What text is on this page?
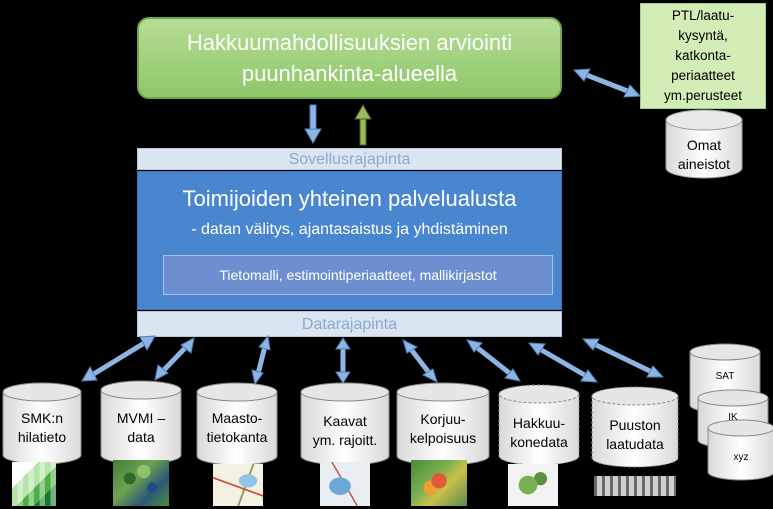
Hakkuumahdollisuuksien arviointi
puunhankinta-alueella
PTL/laatu-
kysyntä,
katkonta-
periaatteet
ym.perusteet
Sovellusrajapinta
Toimijoiden yhteinen palvelualusta
- datan välitys, ajantasaistus ja yhdistäminen
Tietomalli, estimointiperiaatteet, mallikirjastot
Datarajapinta
Omat
aineistot
SMK:n
hilatieto
MVMI –
data
Maasto-
tietokanta
Kaavat
ym. rajoitt.
Korjuu-
kelpoisuus
Hakkuu-
konedata
Puuston
laatudata
SAT
IK
xyz
